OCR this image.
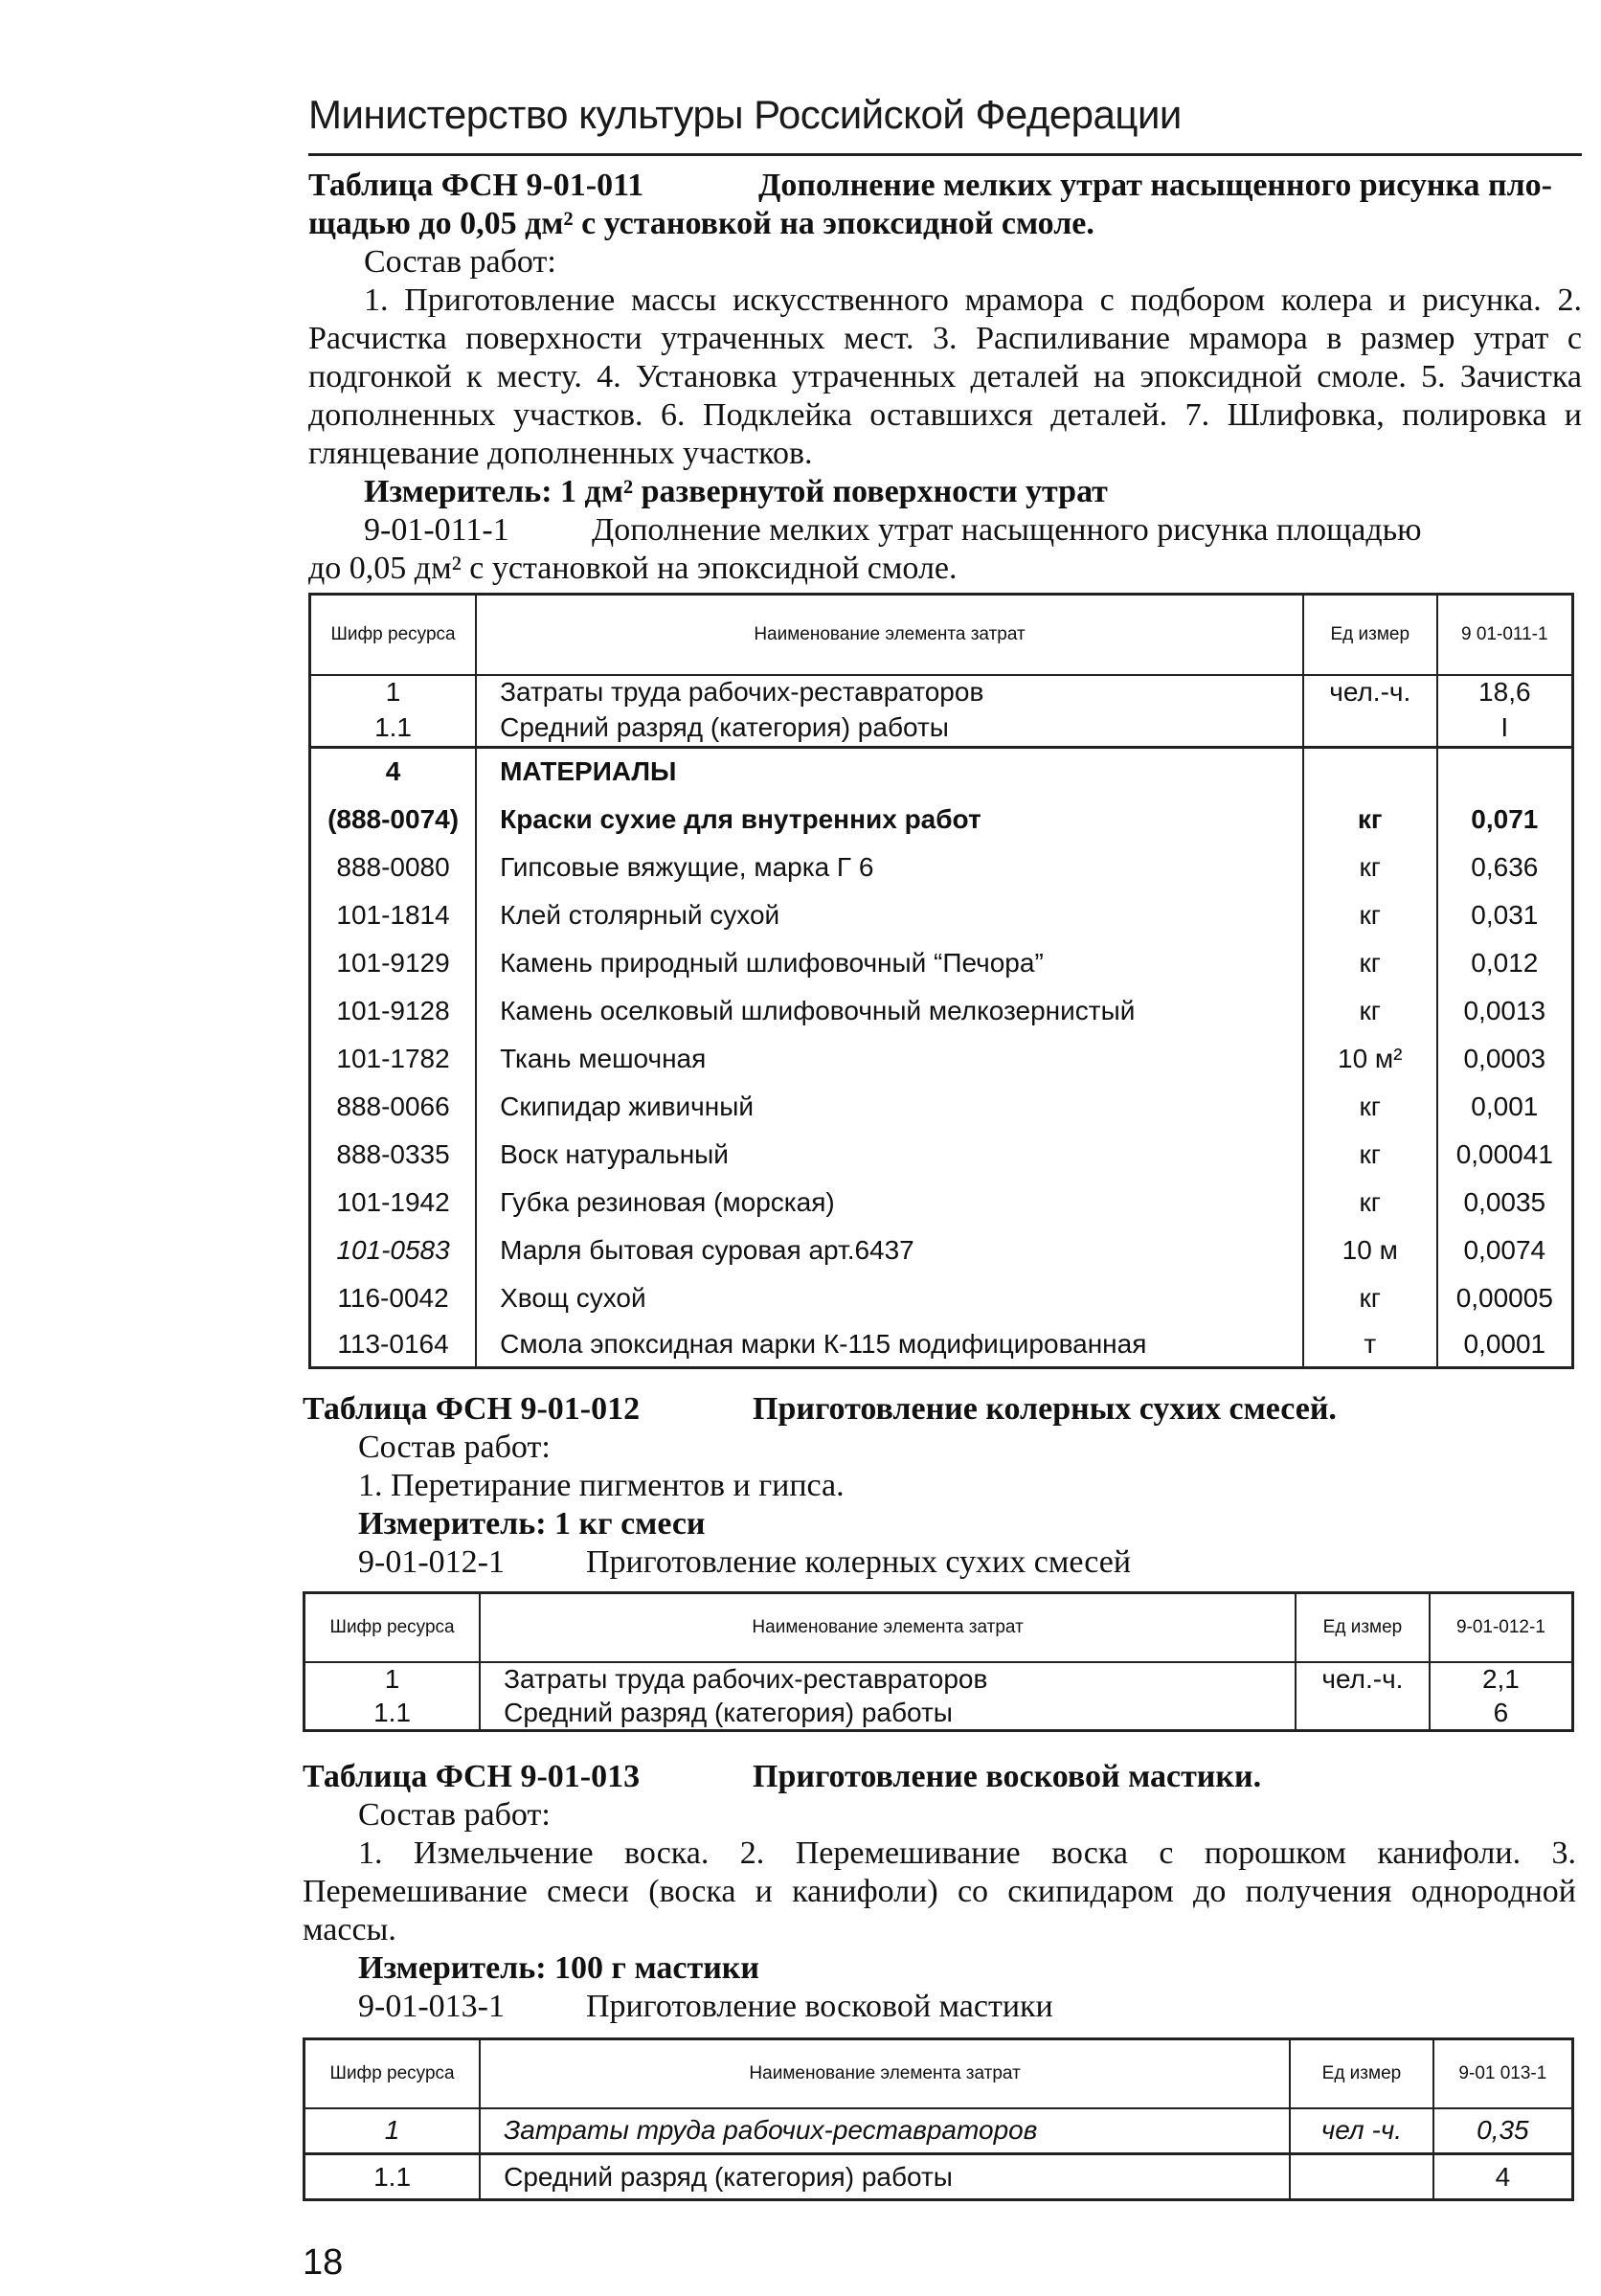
Министерство культуры Российской Федерации
Таблица ФСН 9-01-011	Дополнение мелких утрат насыщенного рисунка пло-
щадью до 0,05 дм² с установкой на эпоксидной смоле.
Состав работ:
1. Приготовление массы искусственного мрамора с подбором колера и рисунка. 2. Расчистка поверхности утраченных мест. 3. Распиливание мрамора в размер утрат с подгонкой к месту. 4. Установка утраченных деталей на эпоксидной смоле. 5. Зачистка дополненных участков. 6. Подклейка оставшихся деталей. 7. Шлифовка, полировка и глянцевание дополненных участков.
Измеритель: 1 дм² развернутой поверхности утрат
9-01-011-1	Дополнение мелких утрат насыщенного рисунка площадью
до 0,05 дм² с установкой на эпоксидной смоле.
Шифр ресурса	Наименование элемента затрат	Ед измер	9 01-011-1
1	Затраты труда рабочих-реставраторов	чел.-ч.	18,6
1.1	Средний разряд (категория) работы		I
4	МАТЕРИАЛЫ		
(888-0074)	Краски сухие для внутренних работ	кг	0,071
888-0080	Гипсовые вяжущие, марка Г 6	кг	0,636
101-1814	Клей столярный сухой	кг	0,031
101-9129	Камень природный шлифовочный “Печора”	кг	0,012
101-9128	Камень оселковый шлифовочный мелкозернистый	кг	0,0013
101-1782	Ткань мешочная	10 м²	0,0003
888-0066	Скипидар живичный	кг	0,001
888-0335	Воск натуральный	кг	0,00041
101-1942	Губка резиновая (морская)	кг	0,0035
101-0583	Марля бытовая суровая арт.6437	10 м	0,0074
116-0042	Хвощ сухой	кг	0,00005
113-0164	Смола эпоксидная марки К-115 модифицированная	т	0,0001
Таблица ФСН 9-01-012	Приготовление колерных сухих смесей.
Состав работ:
1. Перетирание пигментов и гипса.
Измеритель: 1 кг смеси
9-01-012-1	Приготовление колерных сухих смесей
Шифр ресурса	Наименование элемента затрат	Ед измер	9-01-012-1
1	Затраты труда рабочих-реставраторов	чел.-ч.	2,1
1.1	Средний разряд (категория) работы		6
Таблица ФСН 9-01-013	Приготовление восковой мастики.
Состав работ:
1. Измельчение воска. 2. Перемешивание воска с порошком канифоли. 3. Перемешивание смеси (воска и канифоли) со скипидаром до получения однородной массы.
Измеритель: 100 г мастики
9-01-013-1	Приготовление восковой мастики
Шифр ресурса	Наименование элемента затрат	Ед измер	9-01 013-1
1	Затраты труда рабочих-реставраторов	чел -ч.	0,35
1.1	Средний разряд (категория) работы		4
18
